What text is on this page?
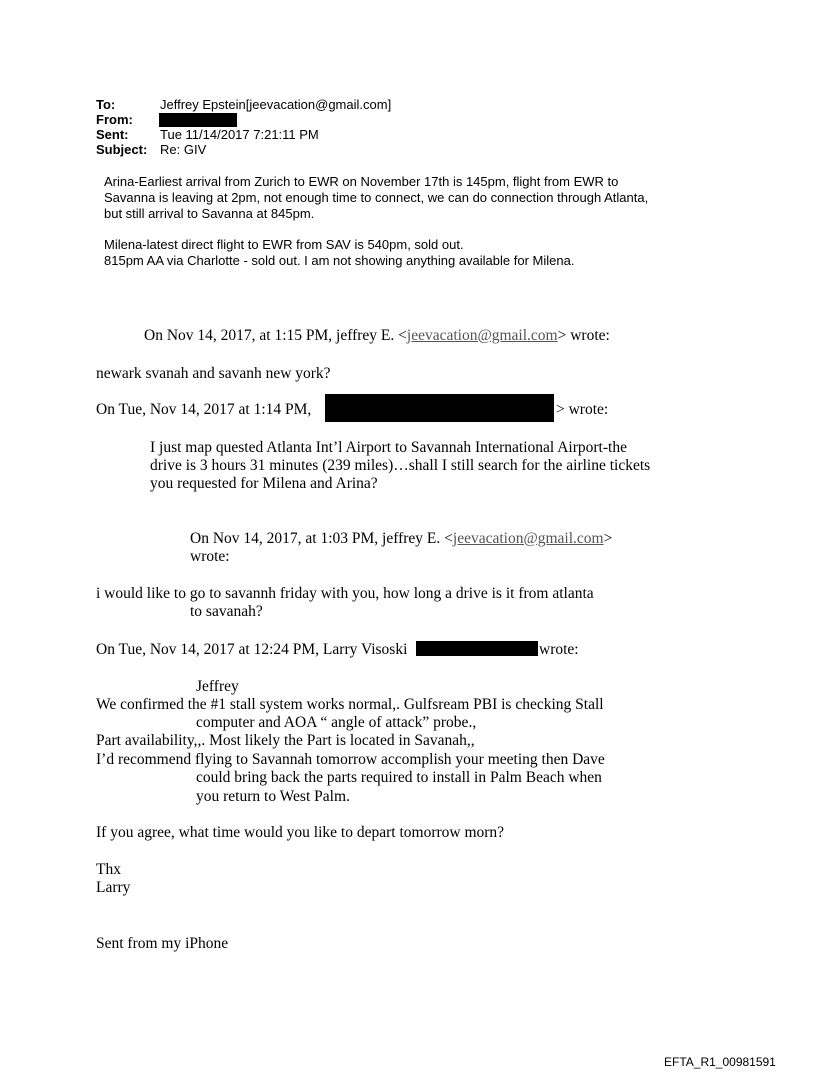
To:	Jeffrey Epstein[jeevacation@gmail.com]
From:
Sent: Tue 11/14/2017 7:21:11 PM
Subject: Re: GIV
Arina-Earliest arrival from Zurich to EWR on November 17th is 145pm, flight from EWR to
Savanna is leaving at 2pm, not enough time to connect, we can do connection through Atlanta,
but still arrival to Savanna at 845pm.
Milena-latest direct flight to EWR from SAV is 540pm, sold out.
815pm AA via Charlotte - sold out. I am not showing anything available for Milena.
On Nov 14, 2017, at 1:15 PM, jeffrey E. <jeevacation@gmail.com> wrote:
newark svanah and savanh new york?
On Tue, Nov 14, 2017 at 1:14 PM,	> wrote:
I just map quested Atlanta Int’l Airport to Savannah International Airport-the
drive is 3 hours 31 minutes (239 miles)…shall I still search for the airline tickets
you requested for Milena and Arina?
On Nov 14, 2017, at 1:03 PM, jeffrey E. <jeevacation@gmail.com>
wrote:
i would like to go to savannh friday with you, how long a drive is it from atlanta
to savanah?
On Tue, Nov 14, 2017 at 12:24 PM, Larry Visoski	wrote:
Jeffrey
We confirmed the #1 stall system works normal,. Gulfsream PBI is checking Stall
computer and AOA “ angle of attack” probe.,
Part availability,,. Most likely the Part is located in Savanah,,
I’d recommend flying to Savannah tomorrow accomplish your meeting then Dave
could bring back the parts required to install in Palm Beach when
you return to West Palm.
If you agree, what time would you like to depart tomorrow morn?
Thx
Larry
Sent from my iPhone
EFTA_R1_00981591
